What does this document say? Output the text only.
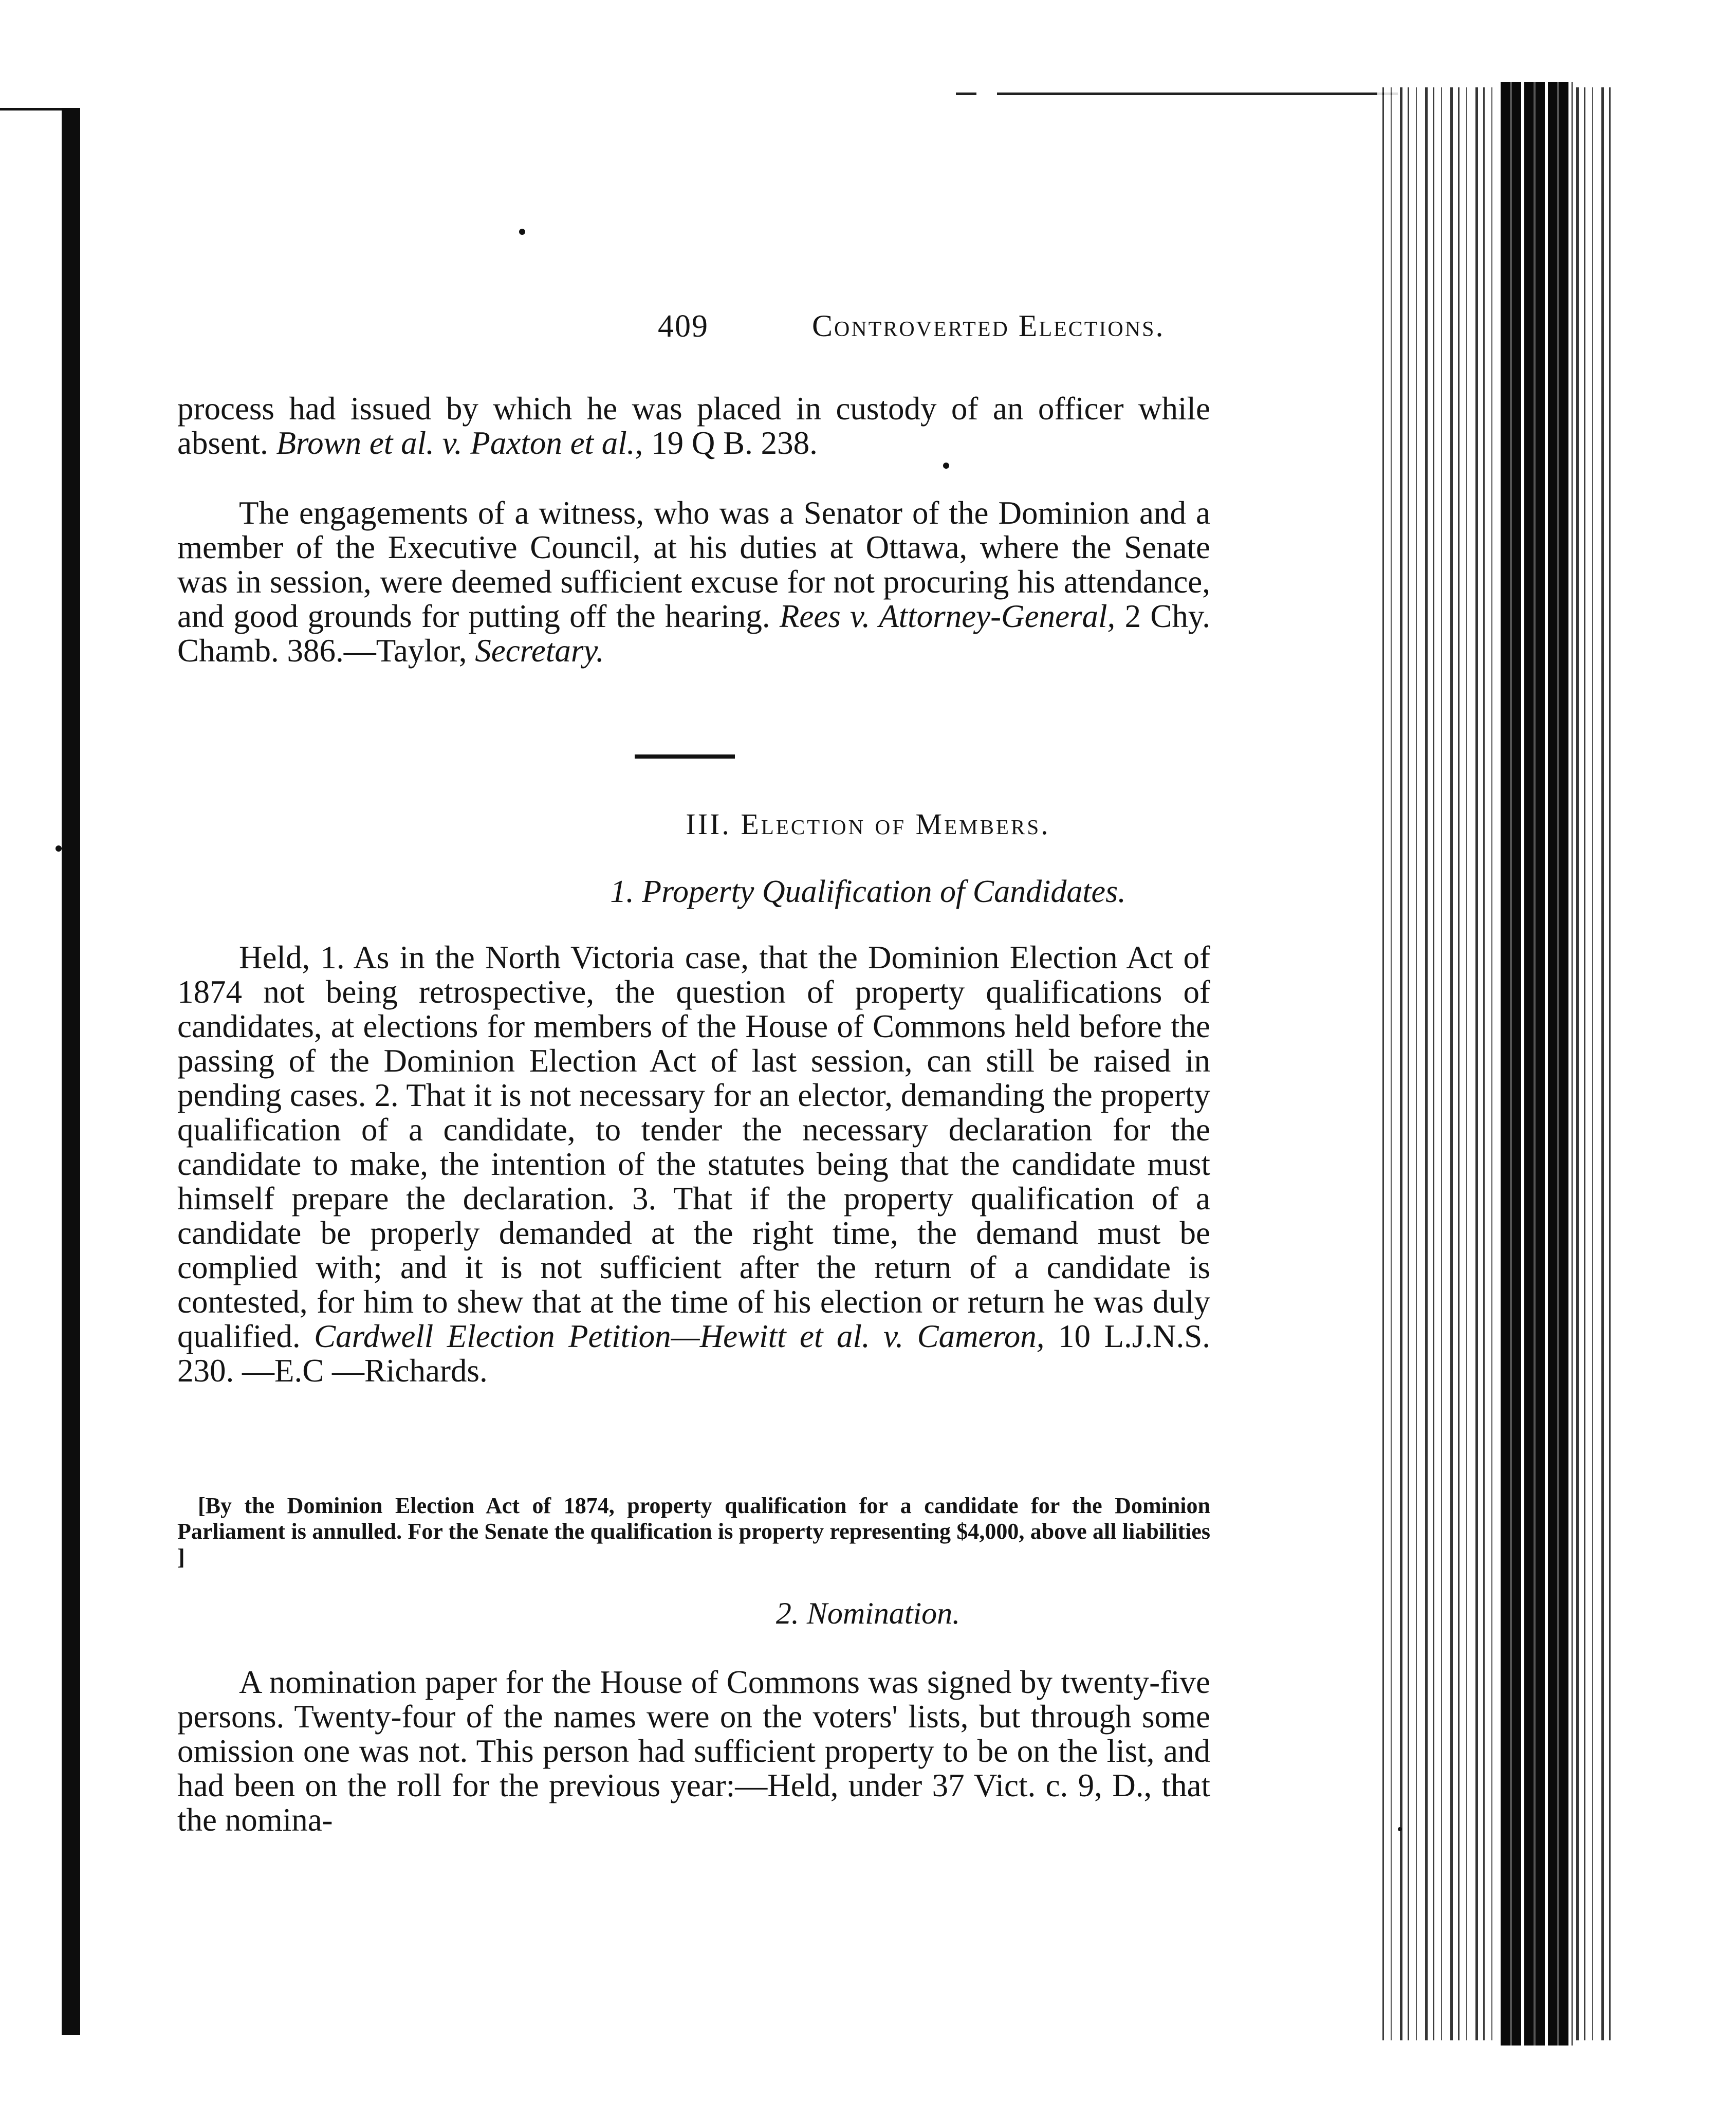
409	Controverted Elections.

process had issued by which he was placed in custody of an officer while absent. Brown et al. v. Paxton et al., 19 Q B. 238.

The engagements of a witness, who was a Senator of the Dominion and a member of the Executive Council, at his duties at Ottawa, where the Senate was in session, were deemed sufficient excuse for not procuring his attendance, and good grounds for putting off the hearing. Rees v. Attorney-General, 2 Chy. Chamb. 386.—Taylor, Secretary.

III. Election of Members.
1. Property Qualification of Candidates.

Held, 1. As in the North Victoria case, that the Dominion Election Act of 1874 not being retrospective, the question of property qualifications of candidates, at elections for members of the House of Commons held before the passing of the Dominion Election Act of last session, can still be raised in pending cases. 2. That it is not necessary for an elector, demanding the property qualification of a candidate, to tender the necessary declaration for the candidate to make, the intention of the statutes being that the candidate must himself prepare the declaration. 3. That if the property qualification of a candidate be properly demanded at the right time, the demand must be complied with; and it is not sufficient after the return of a candidate is contested, for him to shew that at the time of his election or return he was duly qualified. Cardwell Election Petition—Hewitt et al. v. Cameron, 10 L.J.N.S. 230. —E.C —Richards.

[By the Dominion Election Act of 1874, property qualification for a candidate for the Dominion Parliament is annulled. For the Senate the qualification is property representing $4,000, above all liabilities ]
2. Nomination.

A nomination paper for the House of Commons was signed by twenty-five persons. Twenty-four of the names were on the voters' lists, but through some omission one was not. This person had sufficient property to be on the list, and had been on the roll for the previous year:—Held, under 37 Vict. c. 9, D., that the nomina-
